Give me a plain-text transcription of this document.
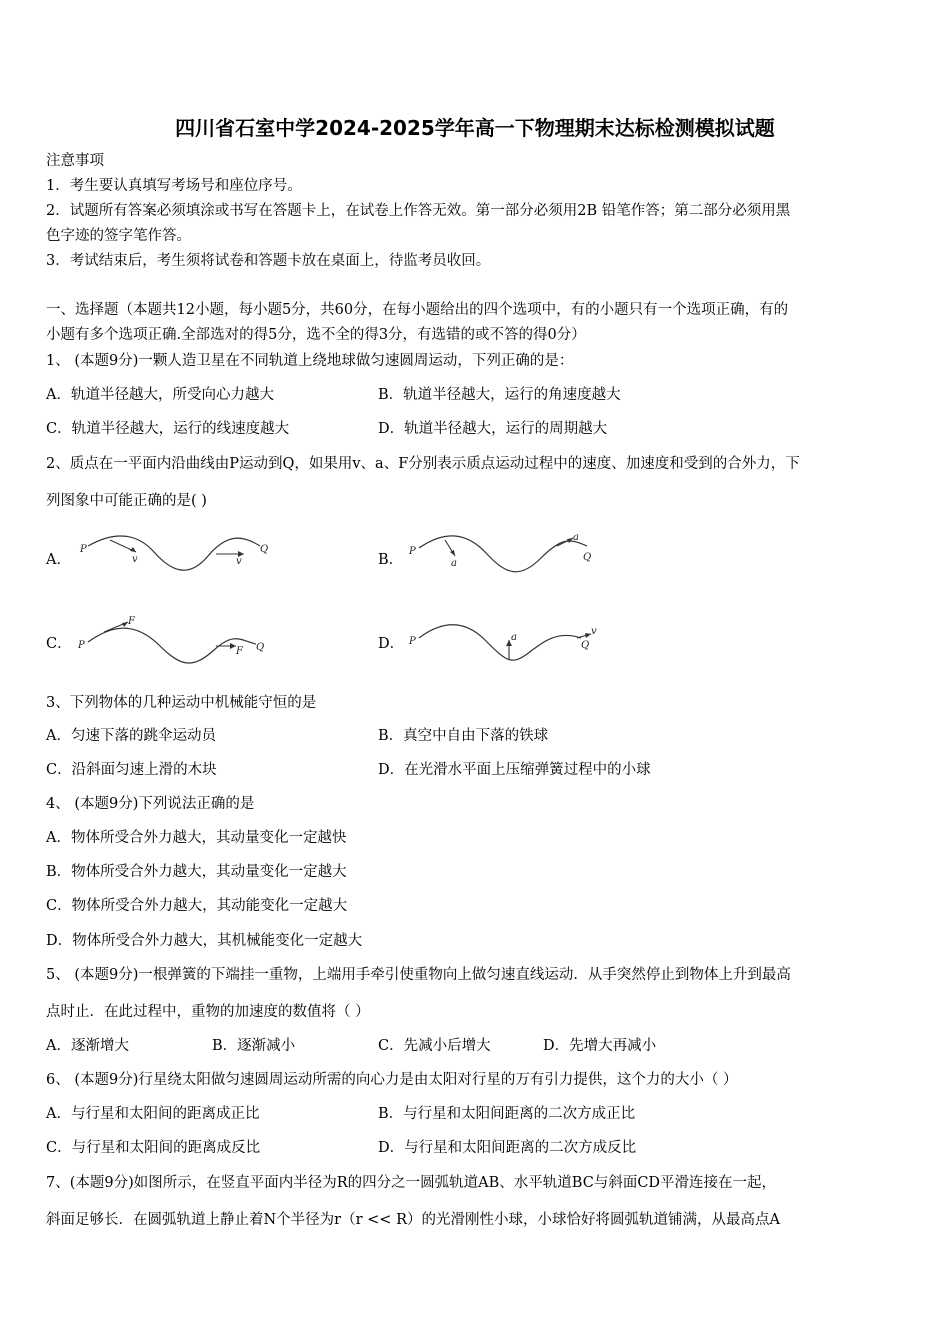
四川省石室中学2024-2025学年高一下物理期末达标检测模拟试题
注意事项
1．考生要认真填写考场号和座位序号。
2．试题所有答案必须填涂或书写在答题卡上，在试卷上作答无效。第一部分必须用2B 铅笔作答；第二部分必须用黑
色字迹的签字笔作答。
3．考试结束后，考生须将试卷和答题卡放在桌面上，待监考员收回。
一、选择题（本题共12小题，每小题5分，共60分，在每小题给出的四个选项中，有的小题只有一个选项正确，有的
小题有多个选项正确.全部选对的得5分，选不全的得3分，有选错的或不答的得0分）
1、 (本题9分)一颗人造卫星在不同轨道上绕地球做匀速圆周运动，下列正确的是：
A．轨道半径越大，所受向心力越大	B．轨道半径越大，运行的角速度越大
C．轨道半径越大，运行的线速度越大	D．轨道半径越大，运行的周期越大
2、质点在一平面内沿曲线由P运动到Q，如果用v、a、F分别表示质点运动过程中的速度、加速度和受到的合外力，下
列图象中可能正确的是( )
A．
P
v	v
Q
B．
P
a
a
Q
C． P
F
F Q	D． P	a
v
Q
3、下列物体的几种运动中机械能守恒的是
A．匀速下落的跳伞运动员	B．真空中自由下落的铁球
C．沿斜面匀速上滑的木块	D．在光滑水平面上压缩弹簧过程中的小球
4、 (本题9分)下列说法正确的是
A．物体所受合外力越大，其动量变化一定越快
B．物体所受合外力越大，其动量变化一定越大
C．物体所受合外力越大，其动能变化一定越大
D．物体所受合外力越大，其机械能变化一定越大
5、 (本题9分)一根弹簧的下端挂一重物，上端用手牵引使重物向上做匀速直线运动．从手突然停止到物体上升到最高
点时止．在此过程中，重物的加速度的数值将（ ）
A．逐渐增大	B．逐渐减小	C．先减小后增大	D．先增大再减小
6、 (本题9分)行星绕太阳做匀速圆周运动所需的向心力是由太阳对行星的万有引力提供，这个力的大小（ ）
A．与行星和太阳间的距离成正比	B．与行星和太阳间距离的二次方成正比
C．与行星和太阳间的距离成反比	D．与行星和太阳间距离的二次方成反比
7、(本题9分)如图所示，在竖直平面内半径为R的四分之一圆弧轨道AB、水平轨道BC与斜面CD平滑连接在一起，
斜面足够长．在圆弧轨道上静止着N个半径为r（r << R）的光滑刚性小球，小球恰好将圆弧轨道铺满，从最高点A
